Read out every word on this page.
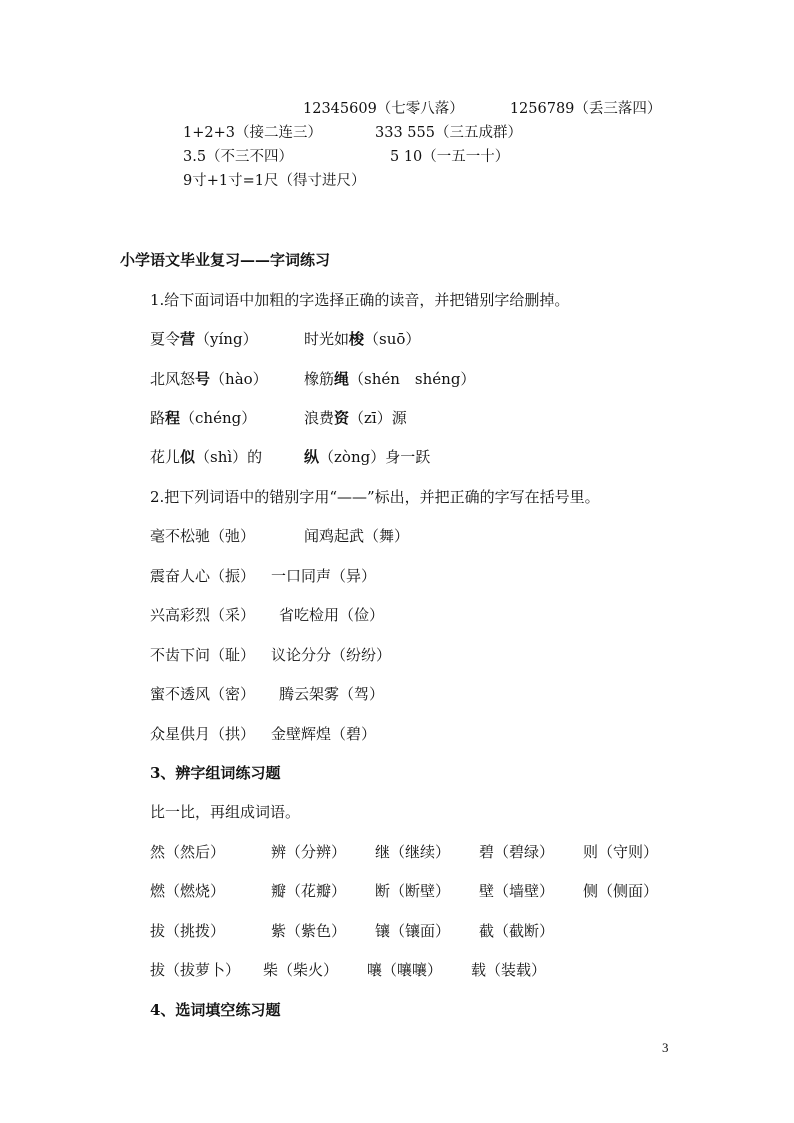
12345609（七零八落）	1256789（丢三落四）
1+2+3（接二连三）	333 555（三五成群）
3.5（不三不四）	5 10（一五一十）
9寸+1寸=1尺（得寸进尺）
小学语文毕业复习——字词练习
1.给下面词语中加粗的字选择正确的读音，并把错别字给删掉。
夏令营（yíng）	时光如梭（suō）
北风怒号（hào） 橡筋绳（shén　shéng）
路程（chéng）	浪费资（zī）源
花儿似（shì）的	纵（zòng）身一跃
2.把下列词语中的错别字用“——”标出，并把正确的字写在括号里。
毫不松驰（弛）	闻鸡起武（舞）
震奋人心（振） 一口同声（异）
兴高彩烈（采） 省吃检用（俭）
不齿下问（耻） 议论分分（纷纷）
蜜不透风（密） 腾云架雾（驾）
众星供月（拱） 金壁辉煌（碧）
3、辨字组词练习题
比一比，再组成词语。
然（然后）	辨（分辨） 继（继续） 碧（碧绿） 则（守则）
燃（燃烧）	瓣（花瓣） 断（断壁） 壁（墙壁） 侧（侧面）
拔（挑拨）	紫（紫色） 镶（镶面） 截（截断）
拔（拔萝卜） 柴（柴火） 嚷（嚷嚷） 载（装载）
4、选词填空练习题
3
